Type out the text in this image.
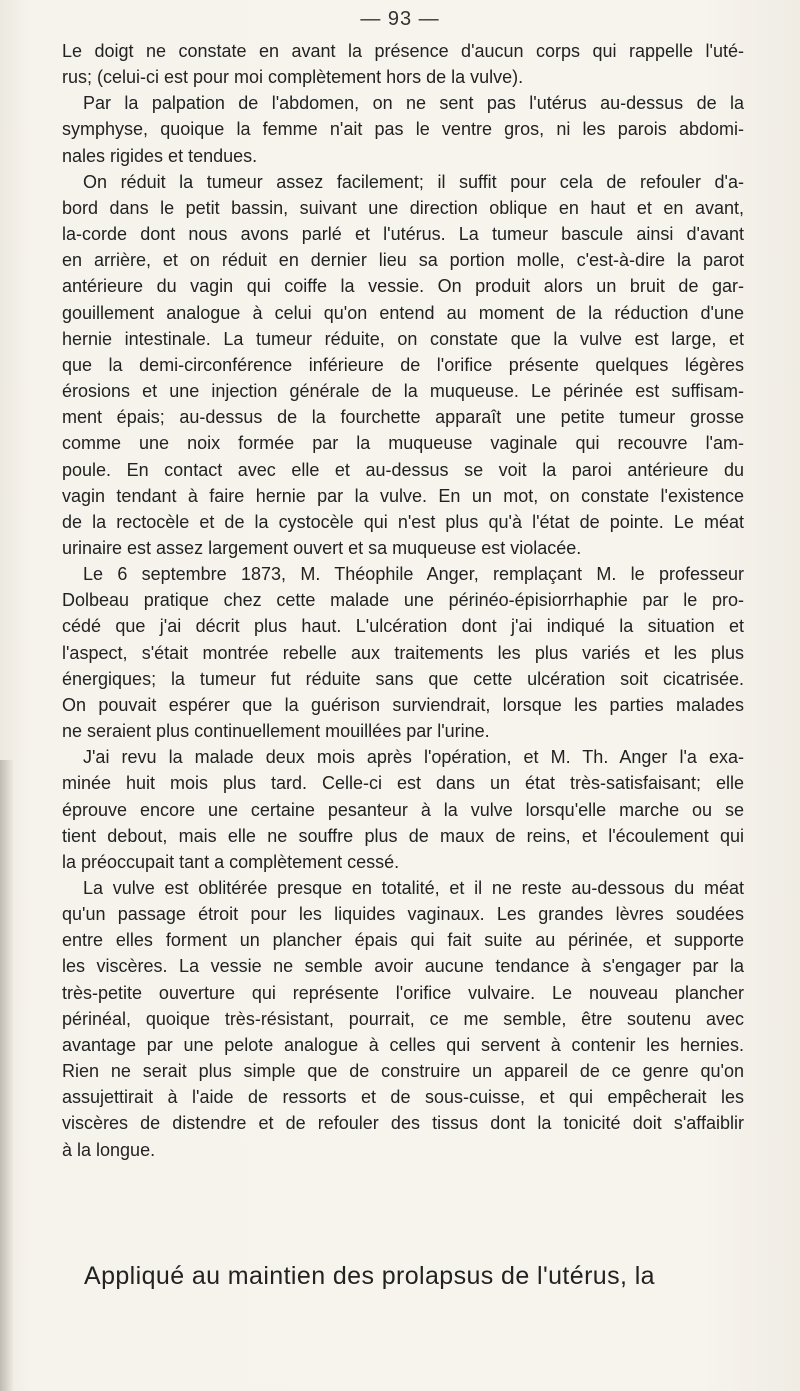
— 93 —
Le doigt ne constate en avant la présence d'aucun corps qui rappelle l'uté-
rus; (celui-ci est pour moi complètement hors de la vulve).
Par la palpation de l'abdomen, on ne sent pas l'utérus au-dessus de la
symphyse, quoique la femme n'ait pas le ventre gros, ni les parois abdomi-
nales rigides et tendues.
On réduit la tumeur assez facilement; il suffit pour cela de refouler d'a-
bord dans le petit bassin, suivant une direction oblique en haut et en avant,
la-corde dont nous avons parlé et l'utérus. La tumeur bascule ainsi d'avant
en arrière, et on réduit en dernier lieu sa portion molle, c'est-à-dire la parot
antérieure du vagin qui coiffe la vessie. On produit alors un bruit de gar-
gouillement analogue à celui qu'on entend au moment de la réduction d'une
hernie intestinale. La tumeur réduite, on constate que la vulve est large, et
que la demi-circonférence inférieure de l'orifice présente quelques légères
érosions et une injection générale de la muqueuse. Le périnée est suffisam-
ment épais; au-dessus de la fourchette apparaît une petite tumeur grosse
comme une noix formée par la muqueuse vaginale qui recouvre l'am-
poule. En contact avec elle et au-dessus se voit la paroi antérieure du
vagin tendant à faire hernie par la vulve. En un mot, on constate l'existence
de la rectocèle et de la cystocèle qui n'est plus qu'à l'état de pointe. Le méat
urinaire est assez largement ouvert et sa muqueuse est violacée.
Le 6 septembre 1873, M. Théophile Anger, remplaçant M. le professeur
Dolbeau pratique chez cette malade une périnéo-épisiorrhaphie par le pro-
cédé que j'ai décrit plus haut. L'ulcération dont j'ai indiqué la situation et
l'aspect, s'était montrée rebelle aux traitements les plus variés et les plus
énergiques; la tumeur fut réduite sans que cette ulcération soit cicatrisée.
On pouvait espérer que la guérison surviendrait, lorsque les parties malades
ne seraient plus continuellement mouillées par l'urine.
J'ai revu la malade deux mois après l'opération, et M. Th. Anger l'a exa-
minée huit mois plus tard. Celle-ci est dans un état très-satisfaisant; elle
éprouve encore une certaine pesanteur à la vulve lorsqu'elle marche ou se
tient debout, mais elle ne souffre plus de maux de reins, et l'écoulement qui
la préoccupait tant a complètement cessé.
La vulve est oblitérée presque en totalité, et il ne reste au-dessous du méat
qu'un passage étroit pour les liquides vaginaux. Les grandes lèvres soudées
entre elles forment un plancher épais qui fait suite au périnée, et supporte
les viscères. La vessie ne semble avoir aucune tendance à s'engager par la
très-petite ouverture qui représente l'orifice vulvaire. Le nouveau plancher
périnéal, quoique très-résistant, pourrait, ce me semble, être soutenu avec
avantage par une pelote analogue à celles qui servent à contenir les hernies.
Rien ne serait plus simple que de construire un appareil de ce genre qu'on
assujettirait à l'aide de ressorts et de sous-cuisse, et qui empêcherait les
viscères de distendre et de refouler des tissus dont la tonicité doit s'affaiblir
à la longue.
Appliqué au maintien des prolapsus de l'utérus, la
